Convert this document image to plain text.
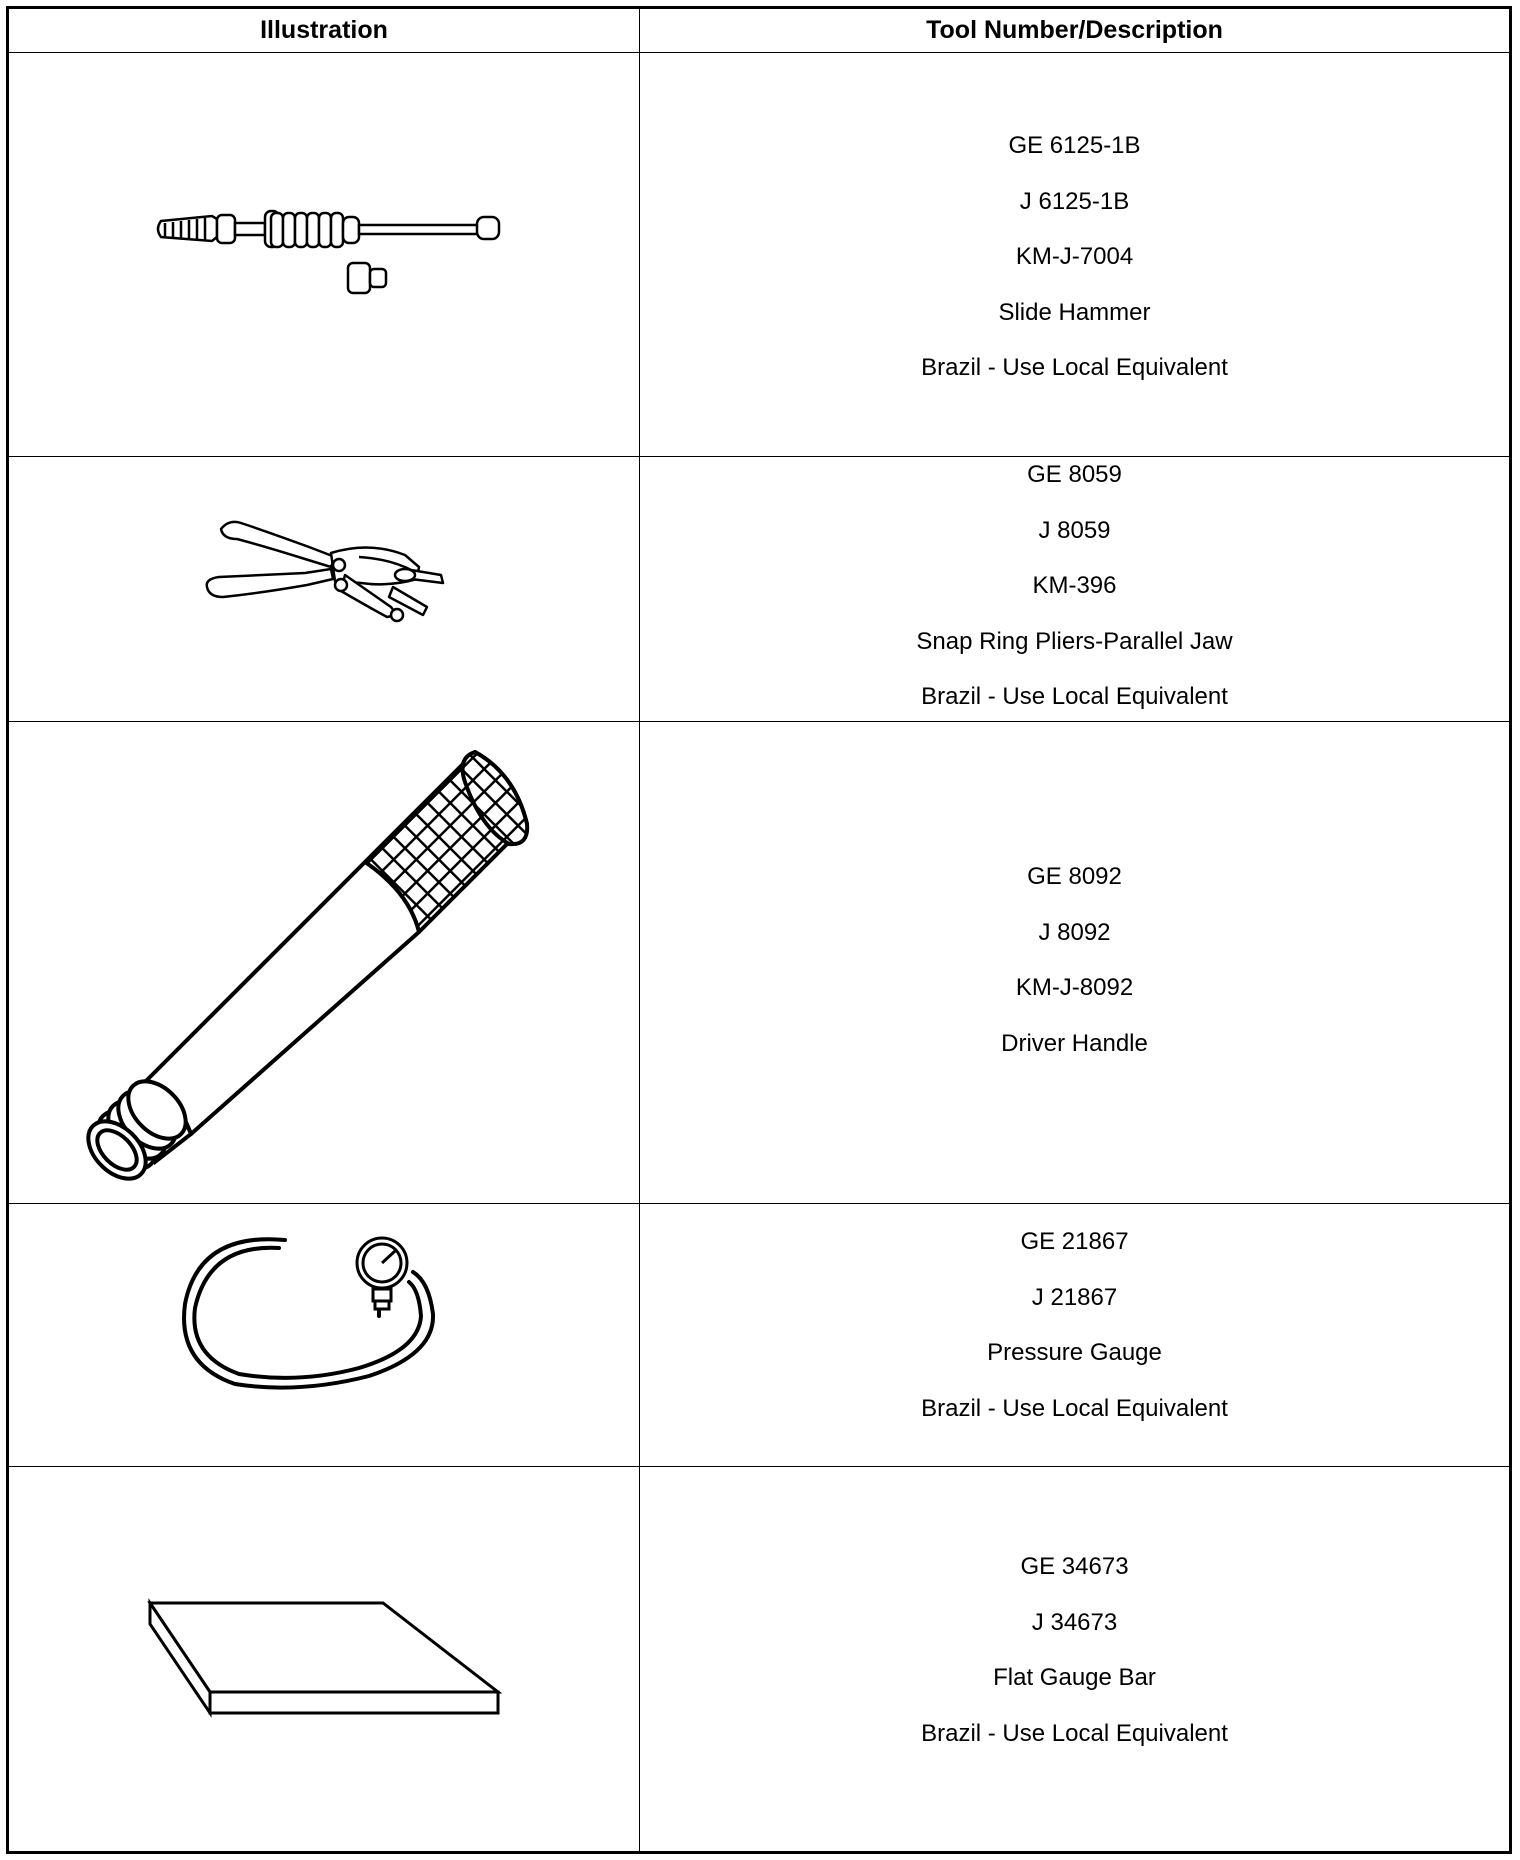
Illustration	Tool Number/Description
GE 6125-1B
J 6125-1B
KM-J-7004
Slide Hammer
Brazil - Use Local Equivalent
GE 8059
J 8059
KM-396
Snap Ring Pliers-Parallel Jaw
Brazil - Use Local Equivalent
GE 8092
J 8092
KM-J-8092
Driver Handle
GE 21867
J 21867
Pressure Gauge
Brazil - Use Local Equivalent
GE 34673
J 34673
Flat Gauge Bar
Brazil - Use Local Equivalent
